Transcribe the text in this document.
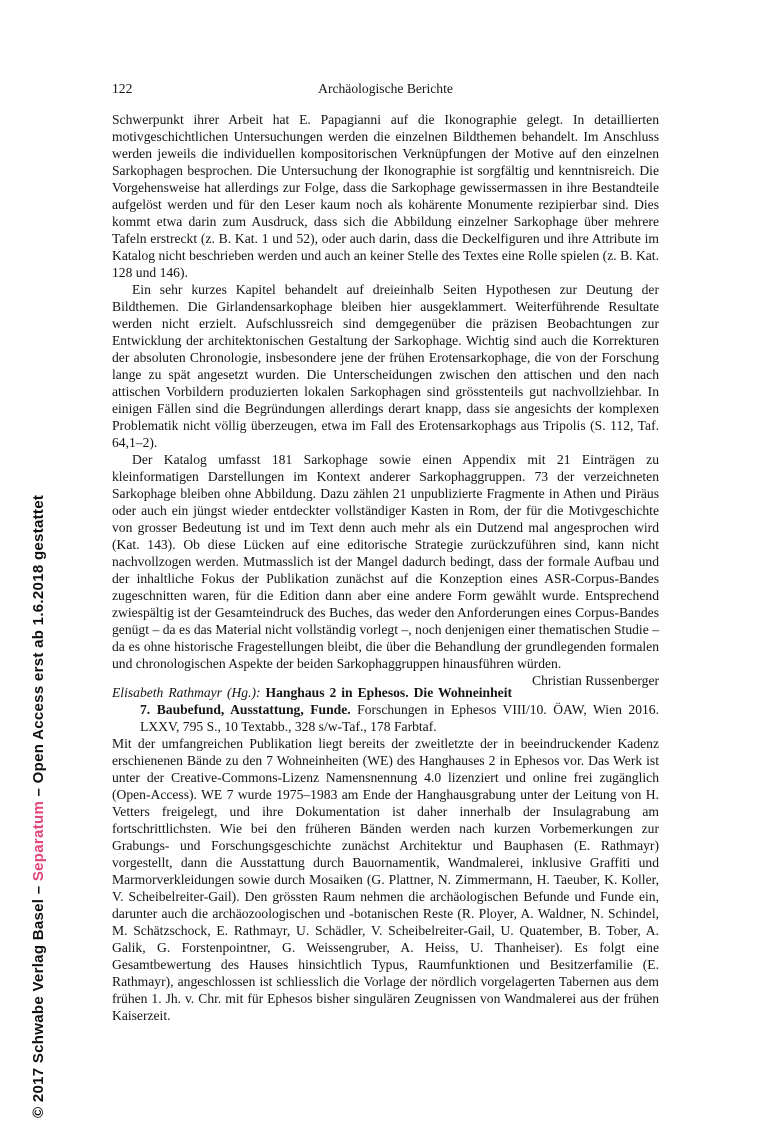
© 2017 Schwabe Verlag Basel – Separatum – Open Access erst ab 1.6.2018 gestattet
122	Archäologische Berichte

Schwerpunkt ihrer Arbeit hat E. Papagianni auf die Ikonographie gelegt. In detaillierten motivgeschichtlichen Untersuchungen werden die einzelnen Bildthemen behandelt. Im Anschluss werden jeweils die individuellen kompositorischen Verknüpfungen der Motive auf den einzelnen Sarkophagen besprochen. Die Untersuchung der Ikonographie ist sorgfältig und kenntnisreich. Die Vorgehensweise hat allerdings zur Folge, dass die Sarkophage gewissermassen in ihre Bestandteile aufgelöst werden und für den Leser kaum noch als kohärente Monumente rezipierbar sind. Dies kommt etwa darin zum Ausdruck, dass sich die Abbildung einzelner Sarkophage über mehrere Tafeln erstreckt (z. B. Kat. 1 und 52), oder auch darin, dass die Deckelfiguren und ihre Attribute im Katalog nicht beschrieben werden und auch an keiner Stelle des Textes eine Rolle spielen (z. B. Kat. 128 und 146).

Ein sehr kurzes Kapitel behandelt auf dreieinhalb Seiten Hypothesen zur Deutung der Bildthemen. Die Girlandensarkophage bleiben hier ausgeklammert. Weiterführende Resultate werden nicht erzielt. Aufschlussreich sind demgegenüber die präzisen Beobachtungen zur Entwicklung der architektonischen Gestaltung der Sarkophage. Wichtig sind auch die Korrekturen der absoluten Chronologie, insbesondere jene der frühen Erotensarkophage, die von der Forschung lange zu spät angesetzt wurden. Die Unterscheidungen zwischen den attischen und den nach attischen Vorbildern produzierten lokalen Sarkophagen sind grösstenteils gut nachvollziehbar. In einigen Fällen sind die Begründungen allerdings derart knapp, dass sie angesichts der komplexen Problematik nicht völlig überzeugen, etwa im Fall des Erotensarkophags aus Tripolis (S. 112, Taf. 64,1–2).

Der Katalog umfasst 181 Sarkophage sowie einen Appendix mit 21 Einträgen zu kleinformatigen Darstellungen im Kontext anderer Sarkophaggruppen. 73 der verzeichneten Sarkophage bleiben ohne Abbildung. Dazu zählen 21 unpublizierte Fragmente in Athen und Piräus oder auch ein jüngst wieder entdeckter vollständiger Kasten in Rom, der für die Motivgeschichte von grosser Bedeutung ist und im Text denn auch mehr als ein Dutzend mal angesprochen wird (Kat. 143). Ob diese Lücken auf eine editorische Strategie zurückzuführen sind, kann nicht nachvollzogen werden. Mutmasslich ist der Mangel dadurch bedingt, dass der formale Aufbau und der inhaltliche Fokus der Publikation zunächst auf die Konzeption eines ASR-Corpus-Bandes zugeschnitten waren, für die Edition dann aber eine andere Form gewählt wurde. Entsprechend zwiespältig ist der Gesamteindruck des Buches, das weder den Anforderungen eines Corpus-Bandes genügt – da es das Material nicht vollständig vorlegt –, noch denjenigen einer thematischen Studie – da es ohne historische Fragestellungen bleibt, die über die Behandlung der grundlegenden formalen und chronologischen Aspekte der beiden Sarkophaggruppen hinausführen würden.
Christian Russenberger

Elisabeth Rathmayr (Hg.): Hanghaus 2 in Ephesos. Die Wohneinheit 7. Baubefund, Ausstattung, Funde. Forschungen in Ephesos VIII/10. ÖAW, Wien 2016. LXXV, 795 S., 10 Textabb., 328 s/w-Taf., 178 Farbtaf.

Mit der umfangreichen Publikation liegt bereits der zweitletzte der in beeindruckender Kadenz erschienenen Bände zu den 7 Wohneinheiten (WE) des Hanghauses 2 in Ephesos vor. Das Werk ist unter der Creative-Commons-Lizenz Namensnennung 4.0 lizenziert und online frei zugänglich (Open-Access). WE 7 wurde 1975–1983 am Ende der Hanghausgrabung unter der Leitung von H. Vetters freigelegt, und ihre Dokumentation ist daher innerhalb der Insulagrabung am fortschrittlichsten. Wie bei den früheren Bänden werden nach kurzen Vorbemerkungen zur Grabungs- und Forschungsgeschichte zunächst Architektur und Bauphasen (E. Rathmayr) vorgestellt, dann die Ausstattung durch Bauornamentik, Wandmalerei, inklusive Graffiti und Marmorverkleidungen sowie durch Mosaiken (G. Plattner, N. Zimmermann, H. Taeuber, K. Koller, V. Scheibelreiter-Gail). Den grössten Raum nehmen die archäologischen Befunde und Funde ein, darunter auch die archäozoologischen und -botanischen Reste (R. Ployer, A. Waldner, N. Schindel, M. Schätzschock, E. Rathmayr, U. Schädler, V. Scheibelreiter-Gail, U. Quatember, B. Tober, A. Galik, G. Forstenpointner, G. Weissengruber, A. Heiss, U. Thanheiser). Es folgt eine Gesamtbewertung des Hauses hinsichtlich Typus, Raumfunktionen und Besitzerfamilie (E. Rathmayr), angeschlossen ist schliesslich die Vorlage der nördlich vorgelagerten Tabernen aus dem frühen 1. Jh. v. Chr. mit für Ephesos bisher singulären Zeugnissen von Wandmalerei aus der frühen Kaiserzeit.
